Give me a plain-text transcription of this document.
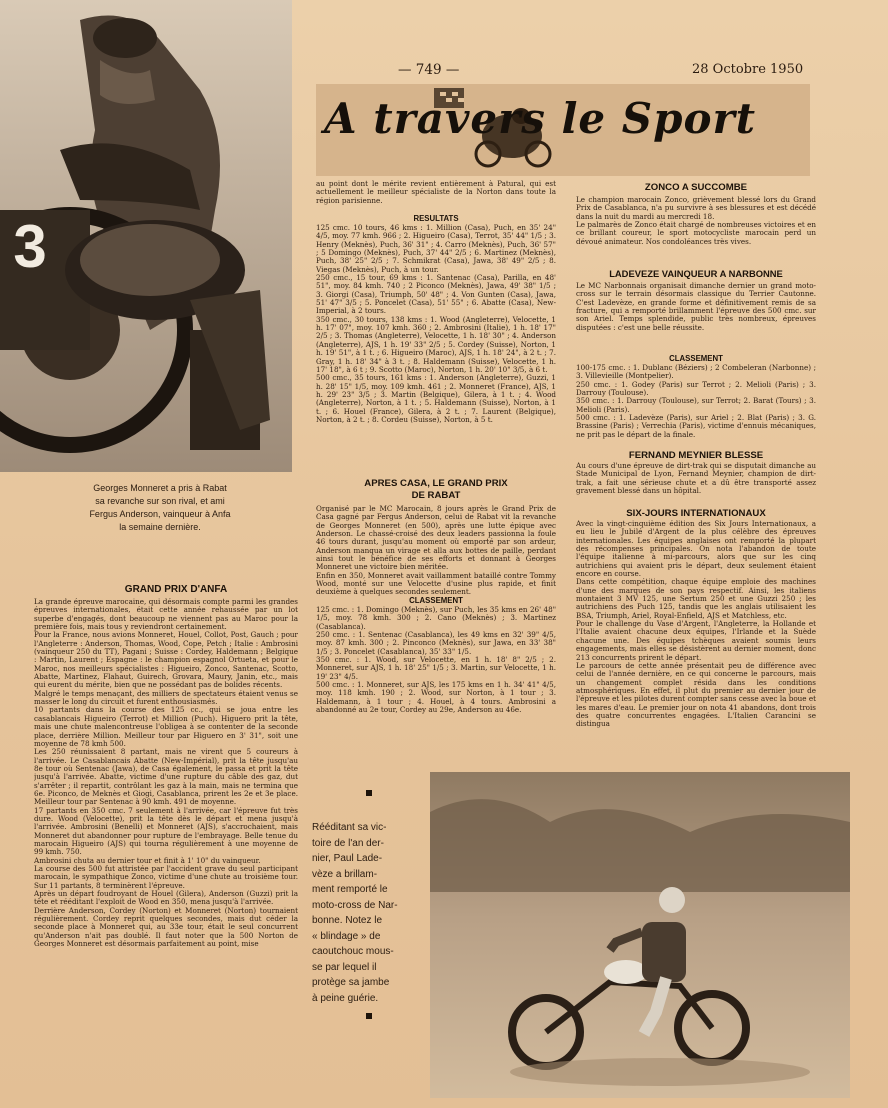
— 749 —	28 Octobre 1950
A travers le Sport
3
Georges Monneret a pris à Rabat
sa revanche sur son rival, et ami
Fergus Anderson, vainqueur à Anfa
la semaine dernière.
GRAND PRIX D'ANFA
La grande épreuve marocaine, qui désormais compte parmi les grandes épreuves internationales, était cette année rehaussée par un lot superbe d'engagés, dont beaucoup ne viennent pas au Maroc pour la première fois, mais tous y reviendront certainement.
Pour la France, nous avions Monneret, Houel, Collot, Post, Gauch ; pour l'Angleterre : Anderson, Thomas, Wood, Cope, Petch ; Italie : Ambrosini (vainqueur 250 du TT), Pagani ; Suisse : Cordey, Haldemann ; Belgique : Martin, Laurent ; Espagne : le champion espagnol Ortueta, et pour le Maroc, nos meilleurs spécialistes : Higueiro, Zonco, Santenac, Scotto, Abatte, Martinez, Flahaut, Guirech, Grovara, Maury, Janin, etc., mais qui eurent du mérite, bien que ne possédant pas de bolides récents.
Malgré le temps menaçant, des milliers de spectateurs étaient venus se masser le long du circuit et furent enthousiasmés.
10 partants dans la course des 125 cc., qui se joua entre les casablancais Higueiro (Terrot) et Million (Puch). Higuero prit la tête, mais une chute malencontreuse l'obligea à se contenter de la seconde place, derrière Million. Meilleur tour par Higuero en 3' 31", soit une moyenne de 78 kmh 500.
Les 250 réunissaient 8 partant, mais ne virent que 5 coureurs à l'arrivée. Le Casablancais Abatte (New-Impérial), prit la tête jusqu'au 8e tour où Sentenac (Jawa), de Casa également, le passa et prit la tête jusqu'à l'arrivée. Abatte, victime d'une rupture du câble des gaz, dut s'arrêter ; il repartit, contrôlant les gaz à la main, mais ne termina que 6e. Piconco, de Meknès et Giogi, Casablanca, prirent les 2e et 3e place. Meilleur tour par Sentenac à 90 kmh. 491 de moyenne.
17 partants en 350 cmc. 7 seulement à l'arrivée, car l'épreuve fut très dure. Wood (Velocette), prit la tête dès le départ et mena jusqu'à l'arrivée. Ambrosini (Benelli) et Monneret (AJS), s'accrochaient, mais Monneret dut abandonner pour rupture de l'embrayage. Belle tenue du marocain Higueiro (AJS) qui tourna régulièrement à une moyenne de 99 kmh. 750.
Ambrosini chuta au dernier tour et finit à 1' 10" du vainqueur.
La course des 500 fut attristée par l'accident grave du seul participant marocain, le sympathique Zonco, victime d'une chute au troisième tour. Sur 11 partants, 8 terminèrent l'épreuve.
Après un départ foudroyant de Houel (Gilera), Anderson (Guzzi) prit la tête et rééditant l'exploit de Wood en 350, mena jusqu'à l'arrivée.
Derrière Anderson, Cordey (Norton) et Monneret (Norton) tournaient régulièrement. Cordey reprit quelques secondes, mais dut céder la seconde place à Monneret qui, au 33e tour, était le seul concurrent qu'Anderson n'ait pas doublé. Il faut noter que la 500 Norton de Georges Monneret est désormais parfaitement au point, mise
au point dont le mérite revient entièrement à Patural, qui est actuellement le meilleur spécialiste de la Norton dans toute la région parisienne.
RESULTATS
125 cmc. 10 tours, 46 kms : 1. Million (Casa), Puch, en 35' 24" 4/5, moy. 77 kmh. 966 ; 2. Higueiro (Casa), Terrot, 35' 44" 1/5 ; 3. Henry (Meknès), Puch, 36' 31" ; 4. Carro (Meknès), Puch, 36' 57" ; 5 Domingo (Meknès), Puch, 37' 44" 2/5 ; 6. Martinez (Meknès), Puch, 38' 25" 2/5 ; 7. Schmikrat (Casa), Jawa, 38' 49" 2/5 ; 8. Viegas (Meknès), Puch, à un tour.
250 cmc., 15 tour, 69 kms : 1. Santenac (Casa), Parilla, en 48' 51", moy. 84 kmh. 740 ; 2 Piconco (Meknès), Jawa, 49' 38" 1/5 ; 3. Giorgi (Casa), Triumph, 50' 48" ; 4. Von Gunten (Casa), Jawa, 51' 47" 3/5 ; 5. Poncelet (Casa), 51' 55" ; 6. Abatte (Casa), New-Imperial, à 2 tours.
350 cmc., 30 tours, 138 kms : 1. Wood (Angleterre), Velocette, 1 h. 17' 07", moy. 107 kmh. 360 ; 2. Ambrosini (Italie), 1 h. 18' 17" 2/5 ; 3. Thomas (Angleterre), Velocette, 1 h. 18' 30" ; 4. Anderson (Angleterre), AJS, 1 h. 19' 33" 2/5 ; 5. Cordey (Suisse), Norton, 1 h. 19' 51", à 1 t. ; 6. Higueiro (Maroc), AJS, 1 h. 18' 24", à 2 t. ; 7. Gray, 1 h. 18' 34" à 3 t. ; 8. Haldemann (Suisse), Velocette, 1 h. 17' 18", à 6 t ; 9. Scotto (Maroc), Norton, 1 h. 20' 10" 3/5, à 6 t.
500 cmc., 35 tours, 161 kms : 1. Anderson (Angleterre), Guzzi, 1 h. 28' 15" 1/5, moy. 109 kmh. 461 ; 2. Monneret (France), AJS, 1 h. 29' 23" 3/5 ; 3. Martin (Belgique), Gilera, à 1 t. ; 4. Wood (Angleterre), Norton, à 1 t. ; 5. Haldemann (Suisse), Norton, à 1 t. ; 6. Houel (France), Gilera, à 2 t. ; 7. Laurent (Belgique), Norton, à 2 t. ; 8. Cordeu (Suisse), Norton, à 5 t.
APRES CASA, LE GRAND PRIX
DE RABAT
Organisé par le MC Marocain, 8 jours après le Grand Prix de Casa gagné par Fergus Anderson, celui de Rabat vit la revanche de Georges Monneret (en 500), après une lutte épique avec Anderson. Le chassé-croisé des deux leaders passionna la foule 46 tours durant, jusqu'au moment où emporté par son ardeur, Anderson manqua un virage et alla aux bottes de paille, perdant ainsi tout le bénéfice de ses efforts et donnant à Georges Monneret une victoire bien méritée.
Enfin en 350, Monneret avait vaillamment bataillé contre Tommy Wood, monté sur une Velocette d'usine plus rapide, et finit deuxième à quelques secondes seulement.
CLASSEMENT
125 cmc. : 1. Domingo (Meknès), sur Puch, les 35 kms en 26' 48" 1/5, moy. 78 kmh. 300 ; 2. Cano (Meknès) ; 3. Martinez (Casablanca).
250 cmc. : 1. Sentenac (Casablanca), les 49 kms en 32' 39" 4/5, moy. 87 kmh. 300 ; 2. Pinconco (Meknès), sur Jawa, en 33' 38" 1/5 ; 3. Poncelet (Casablanca), 35' 33" 1/5.
350 cmc. : 1. Wood, sur Velocette, en 1 h. 18' 8" 2/5 ; 2. Monneret, sur AJS, 1 h. 18' 25" 1/5 ; 3. Martin, sur Velocette, 1 h. 19' 23" 4/5.
500 cmc. : 1. Monneret, sur AJS, les 175 kms en 1 h. 34' 41" 4/5, moy. 118 kmh. 190 ; 2. Wood, sur Norton, à 1 tour ; 3. Haldemann, à 1 tour ; 4. Houel, à 4 tours. Ambrosini a abandonné au 2e tour, Cordey au 29e, Anderson au 46e.
ZONCO A SUCCOMBE
Le champion marocain Zonco, grièvement blessé lors du Grand Prix de Casablanca, n'a pu survivre à ses blessures et est décédé dans la nuit du mardi au mercredi 18.
Le palmarès de Zonco était chargé de nombreuses victoires et en ce brillant coureur, le sport motocycliste marocain perd un dévoué animateur. Nos condoléances très vives.
LADEVEZE VAINQUEUR A NARBONNE
Le MC Narbonnais organisait dimanche dernier un grand moto-cross sur le terrain désormais classique du Terrier Cautonne. C'est Ladevèze, en grande forme et définitivement remis de sa fracture, qui a remporté brillamment l'épreuve des 500 cmc. sur son Ariel. Temps splendide, public très nombreux, épreuves disputées : c'est une belle réussite.
CLASSEMENT
100-175 cmc. : 1. Dublanc (Béziers) ; 2 Combeleran (Narbonne) ; 3. Villevieille (Montpelier).
250 cmc. : 1. Godey (Paris) sur Terrot ; 2. Melioli (Paris) ; 3. Darrouy (Toulouse).
350 cmc. : 1. Darrouy (Toulouse), sur Terrot; 2. Barat (Tours) ; 3. Melioli (Paris).
500 cmc. : 1. Ladevèze (Paris), sur Ariel ; 2. Blat (Paris) ; 3. G. Brassine (Paris) ; Verrechia (Paris), victime d'ennuis mécaniques, ne prit pas le départ de la finale.
FERNAND MEYNIER BLESSE
Au cours d'une épreuve de dirt-trak qui se disputait dimanche au Stade Municipal de Lyon, Fernand Meynier, champion de dirt-trak, a fait une sérieuse chute et a dû être transporté assez gravement blessé dans un hôpital.
SIX-JOURS INTERNATIONAUX
Avec la vingt-cinquième édition des Six Jours Internationaux, a eu lieu le Jubilé d'Argent de la plus célèbre des épreuves internationales. Les équipes anglaises ont remporté la plupart des récompenses principales. On nota l'abandon de toute l'équipe italienne à mi-parcours, alors que sur les cinq autrichiens qui avaient pris le départ, deux seulement étaient encore en course.
Dans cette compétition, chaque équipe emploie des machines d'une des marques de son pays respectif. Ainsi, les italiens montaient 3 MV 125, une Sertum 250 et une Guzzi 250 ; les autrichiens des Puch 125, tandis que les anglais utilisaient les BSA, Triumph, Ariel, Royal-Enfield, AJS et Matchless, etc.
Pour le challenge du Vase d'Argent, l'Angleterre, la Hollande et l'Italie avaient chacune deux équipes, l'Irlande et la Suède chacune une. Des équipes tchèques avaient soumis leurs engagements, mais elles se désistèrent au dernier moment, donc 213 concurrents prirent le départ.
Le parcours de cette année présentait peu de différence avec celui de l'année dernière, en ce qui concerne le parcours, mais un changement complet résida dans les conditions atmosphériques. En effet, il plut du premier au dernier jour de l'épreuve et les pilotes durent compter sans cesse avec la boue et les mares d'eau. Le premier jour on nota 41 abandons, dont trois des quatre concurrentes engagées. L'Italien Carancini se distingua
Rééditant sa vic-
toire de l'an der-
nier, Paul Lade-
vèze a brillam-
ment remporté le
moto-cross de Nar-
bonne. Notez le
« blindage » de
caoutchouc mous-
se par lequel il
protège sa jambe
à peine guérie.
